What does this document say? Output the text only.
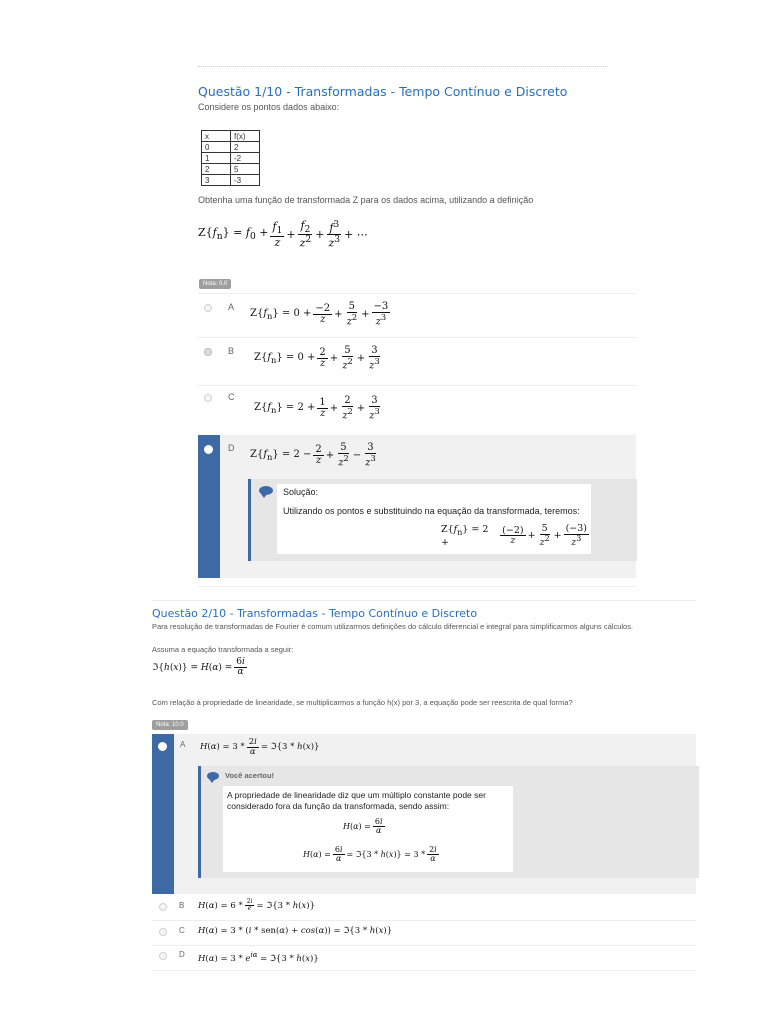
Questão 1/10 - Transformadas - Tempo Contínuo e Discreto
Considere os pontos dados abaixo:
x	f(x)
0	2
1	-2
2	5
3	-3
Obtenha uma função de transformada Z para os dados acima, utilizando a definição
$Z\{f_n\} = f_0 + \frac{f_1}{z} + \frac{f_2}{z^2} + \frac{f^3}{z^3}$ + ⋯
Nota: 0.0
A
$Z\{f_n\} = 0 + \frac{-2}{z} + \frac{5}{z^2} + \frac{-3}{z^3}$
B
$Z\{f_n\} = 0 + \frac{2}{z} + \frac{5}{z^2} + \frac{3}{z^3}$
C
$Z\{f_n\} = 2 + \frac{1}{z} + \frac{2}{z^2} + \frac{3}{z^3}$
D
$Z\{f_n\} = 2 - \frac{2}{z} + \frac{5}{z^2} - \frac{3}{z^3}$
Solução:
Utilizando os pontos e substituindo na equação da transformada, teremos:
$Z\{f_n\} = 2$ +	$\frac{(-2)}{z} + \frac{5}{z^2} + \frac{(-3)}{z^3}$
Questão 2/10 - Transformadas - Tempo Contínuo e Discreto
Para resolução de transformadas de Fourier é comum utilizarmos definições do cálculo diferencial e integral para simplificarmos alguns cálculos.
Assuma a equação transformada a seguir:
ℑ{h(x)} = $H(\alpha) = \frac{6i}{\alpha}$
Com relação à propriedade de linearidade, se multiplicarmos a função h(x) por 3, a equação pode ser reescrita de qual forma?
Nota: 10.0
A $H(\alpha) = 3 * \frac{2i}{\alpha}$ = ℑ{3 * h(x)}
Você acertou!
A propriedade de linearidade diz que um múltiplo constante pode ser considerado fora da função da transformada, sendo assim:
$H(\alpha) = \frac{6i}{\alpha}$
$H(\alpha) = \frac{6i}{\alpha}$ = ℑ{3 * $h(x)\} = 3 * \frac{2i}{\alpha}$
B $H(\alpha) = 6 * \frac{2i}{e}$ = ℑ{3 * h(x)}
C H(α) = 3 * (i * sen(α) + cos(α)) = ℑ{3 * h(x)}
D $H(\alpha) = 3 * e^{i\alpha}$ = ℑ{3 * h(x)}
